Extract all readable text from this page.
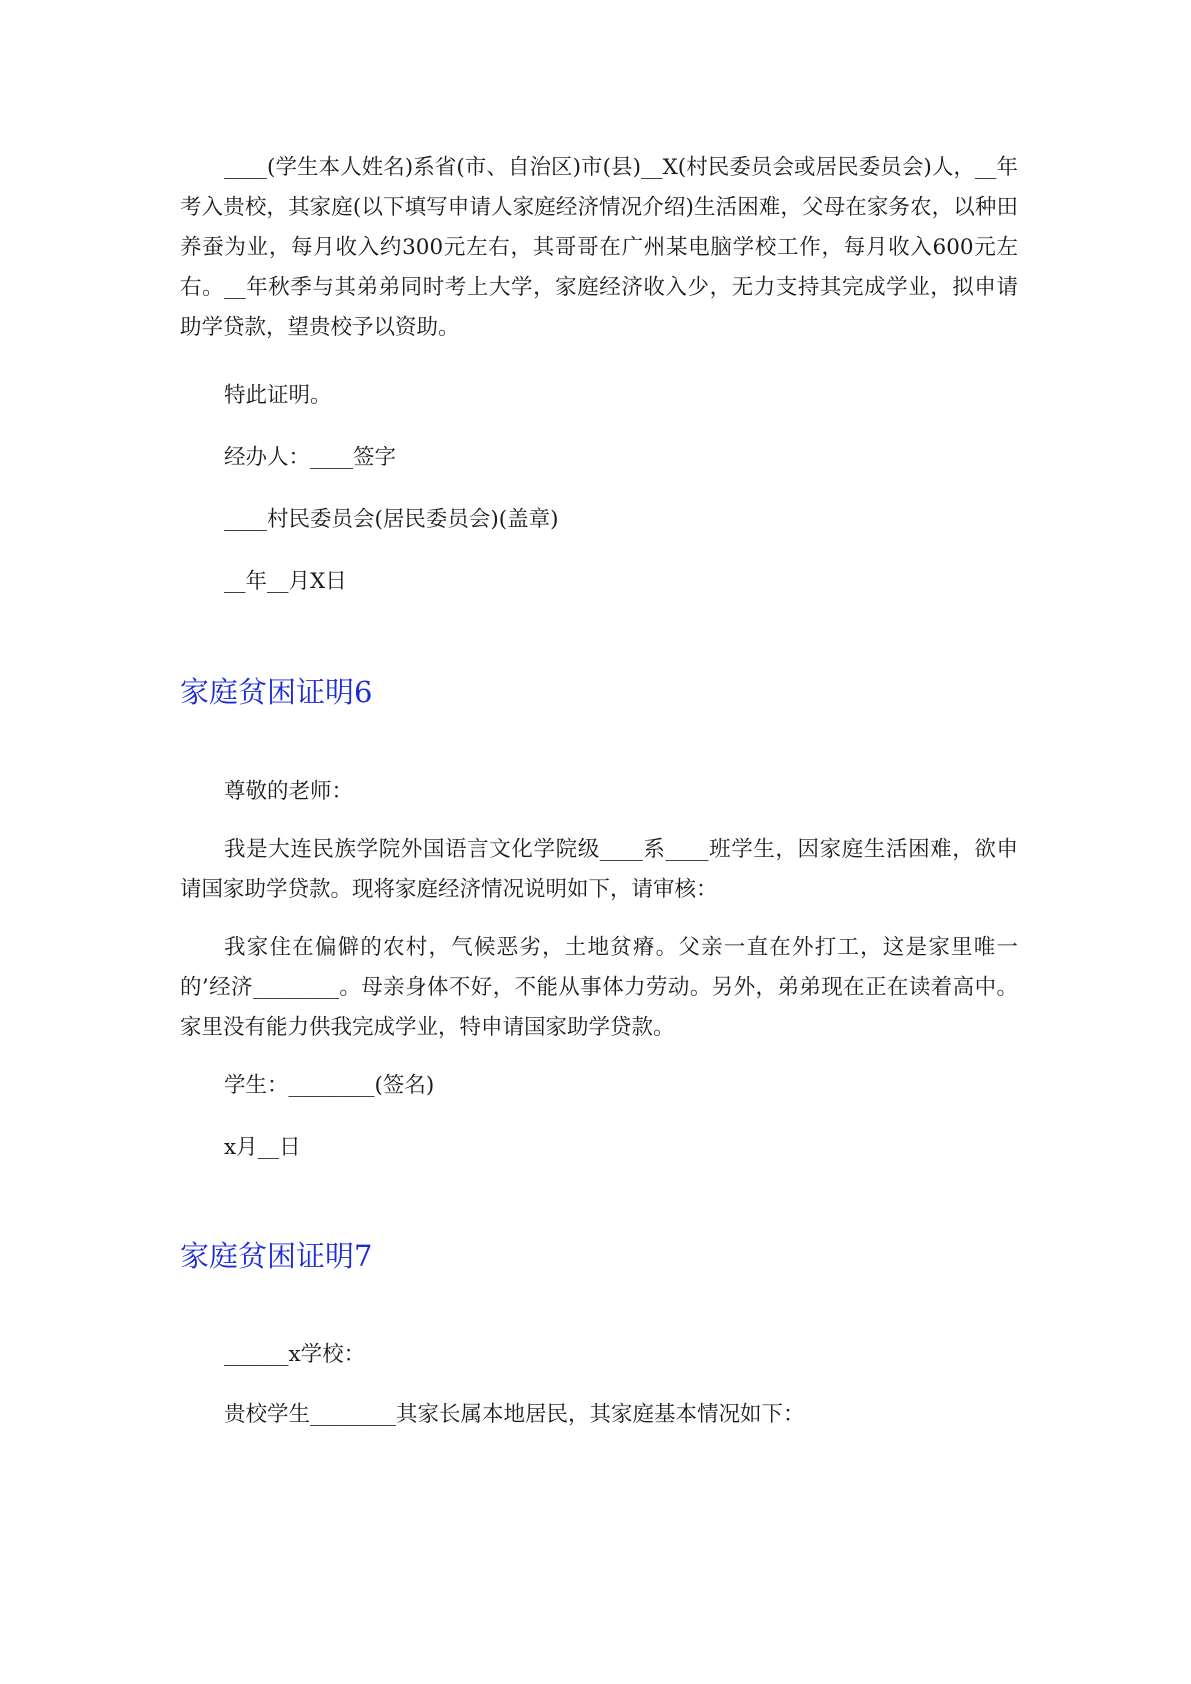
____(学生本人姓名)系省(市、自治区)市(县)__X(村民委员会或居民委员会)人，__年考入贵校，其家庭(以下填写申请人家庭经济情况介绍)生活困难，父母在家务农，以种田养蚕为业，每月收入约300元左右，其哥哥在广州某电脑学校工作，每月收入600元左右。__年秋季与其弟弟同时考上大学，家庭经济收入少，无力支持其完成学业，拟申请助学贷款，望贵校予以资助。

特此证明。

经办人：____签字

____村民委员会(居民委员会)(盖章)

__年__月X日

家庭贫困证明6

尊敬的老师：

我是大连民族学院外国语言文化学院级____系____班学生，因家庭生活困难，欲申请国家助学贷款。现将家庭经济情况说明如下，请审核：

我家住在偏僻的农村，气候恶劣，土地贫瘠。父亲一直在外打工，这是家里唯一的’经济________。母亲身体不好，不能从事体力劳动。另外，弟弟现在正在读着高中。家里没有能力供我完成学业，特申请国家助学贷款。

学生：________(签名)

x月__日

家庭贫困证明7

______x学校：

贵校学生________其家长属本地居民，其家庭基本情况如下：
